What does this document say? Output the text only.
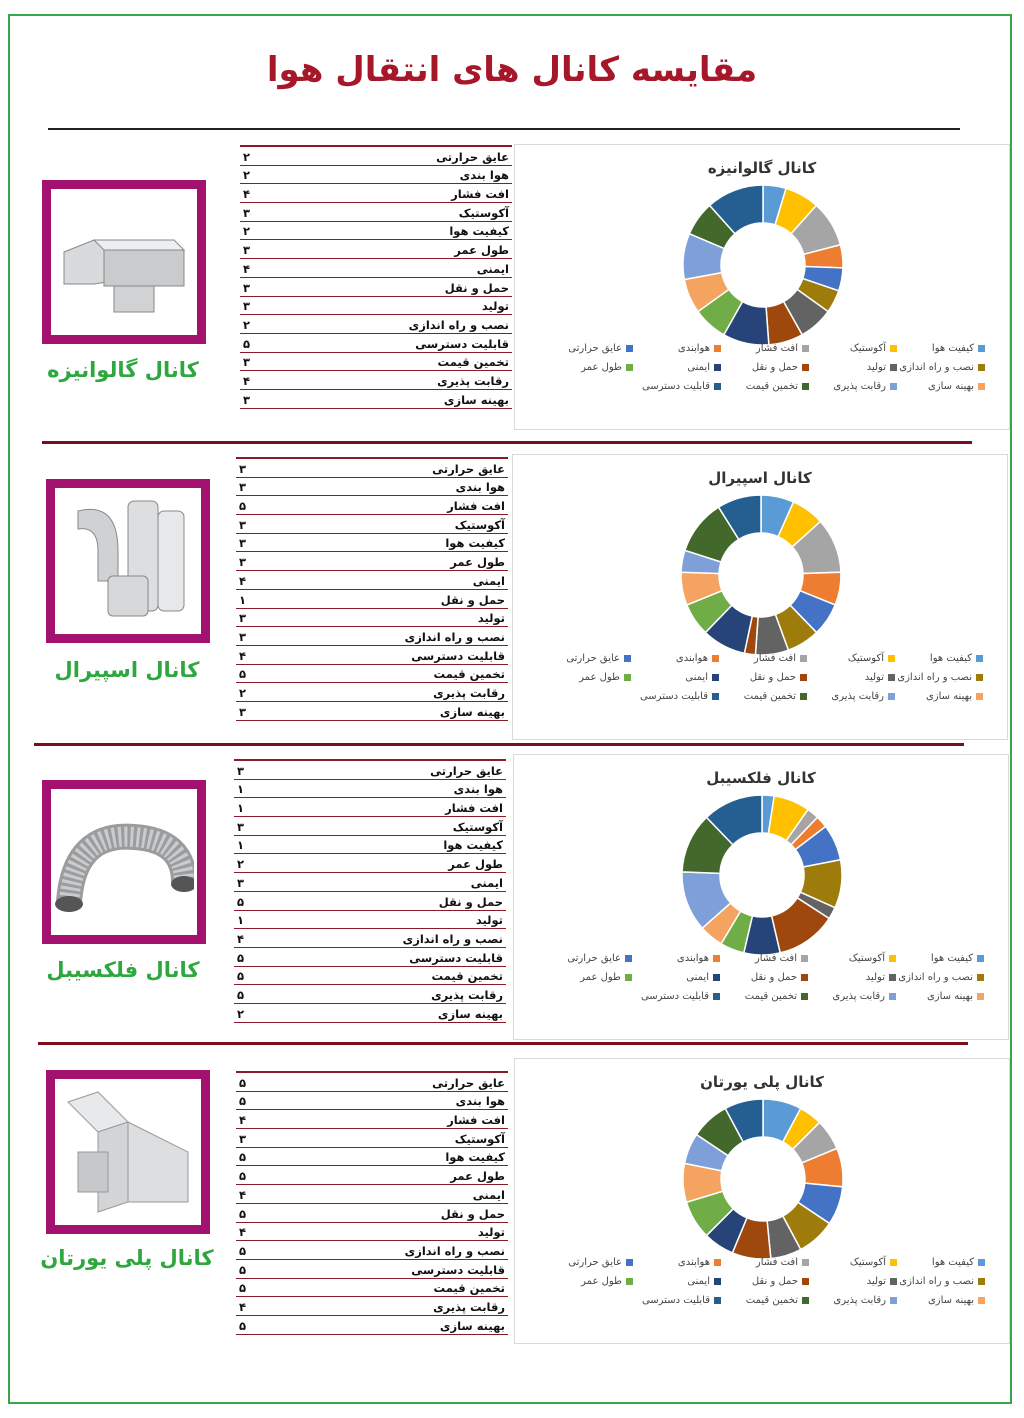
مقایسه کانال های انتقال هوا
کانال گالوانیزه
عایق حرارتی
۲
هوا بندی
۲
افت فشار
۴
آکوستیک
۳
کیفیت هوا
۲
طول عمر
۳
ایمنی
۴
حمل و نقل
۳
تولید
۳
نصب و راه اندازی
۲
قابلیت دسترسی
۵
تخمین قیمت
۳
رقابت پذیری
۴
بهینه سازی
۳
کانال گالوانیزه
کیفیت هوا
آکوستیک
افت فشار
هوابندی
عایق حرارتی
نصب و راه اندازی
تولید
حمل و نقل
ایمنی
طول عمر
بهینه سازی
رقابت پذیری
تخمین قیمت
قابلیت دسترسی
کانال اسپیرال
عایق حرارتی
۳
هوا بندی
۳
افت فشار
۵
آکوستیک
۳
کیفیت هوا
۳
طول عمر
۳
ایمنی
۴
حمل و نقل
۱
تولید
۳
نصب و راه اندازی
۳
قابلیت دسترسی
۴
تخمین قیمت
۵
رقابت پذیری
۲
بهینه سازی
۳
کانال اسپیرال
کیفیت هوا
آکوستیک
افت فشار
هوابندی
عایق حرارتی
نصب و راه اندازی
تولید
حمل و نقل
ایمنی
طول عمر
بهینه سازی
رقابت پذیری
تخمین قیمت
قابلیت دسترسی
کانال فلکسیبل
عایق حرارتی
۳
هوا بندی
۱
افت فشار
۱
آکوستیک
۳
کیفیت هوا
۱
طول عمر
۲
ایمنی
۳
حمل و نقل
۵
تولید
۱
نصب و راه اندازی
۴
قابلیت دسترسی
۵
تخمین قیمت
۵
رقابت پذیری
۵
بهینه سازی
۲
کانال فلکسیبل
کیفیت هوا
آکوستیک
افت فشار
هوابندی
عایق حرارتی
نصب و راه اندازی
تولید
حمل و نقل
ایمنی
طول عمر
بهینه سازی
رقابت پذیری
تخمین قیمت
قابلیت دسترسی
کانال پلی یورتان
عایق حرارتی
۵
هوا بندی
۵
افت فشار
۴
آکوستیک
۳
کیفیت هوا
۵
طول عمر
۵
ایمنی
۴
حمل و نقل
۵
تولید
۴
نصب و راه اندازی
۵
قابلیت دسترسی
۵
تخمین قیمت
۵
رقابت پذیری
۴
بهینه سازی
۵
کانال پلی یورتان
کیفیت هوا
آکوستیک
افت فشار
هوابندی
عایق حرارتی
نصب و راه اندازی
تولید
حمل و نقل
ایمنی
طول عمر
بهینه سازی
رقابت پذیری
تخمین قیمت
قابلیت دسترسی
